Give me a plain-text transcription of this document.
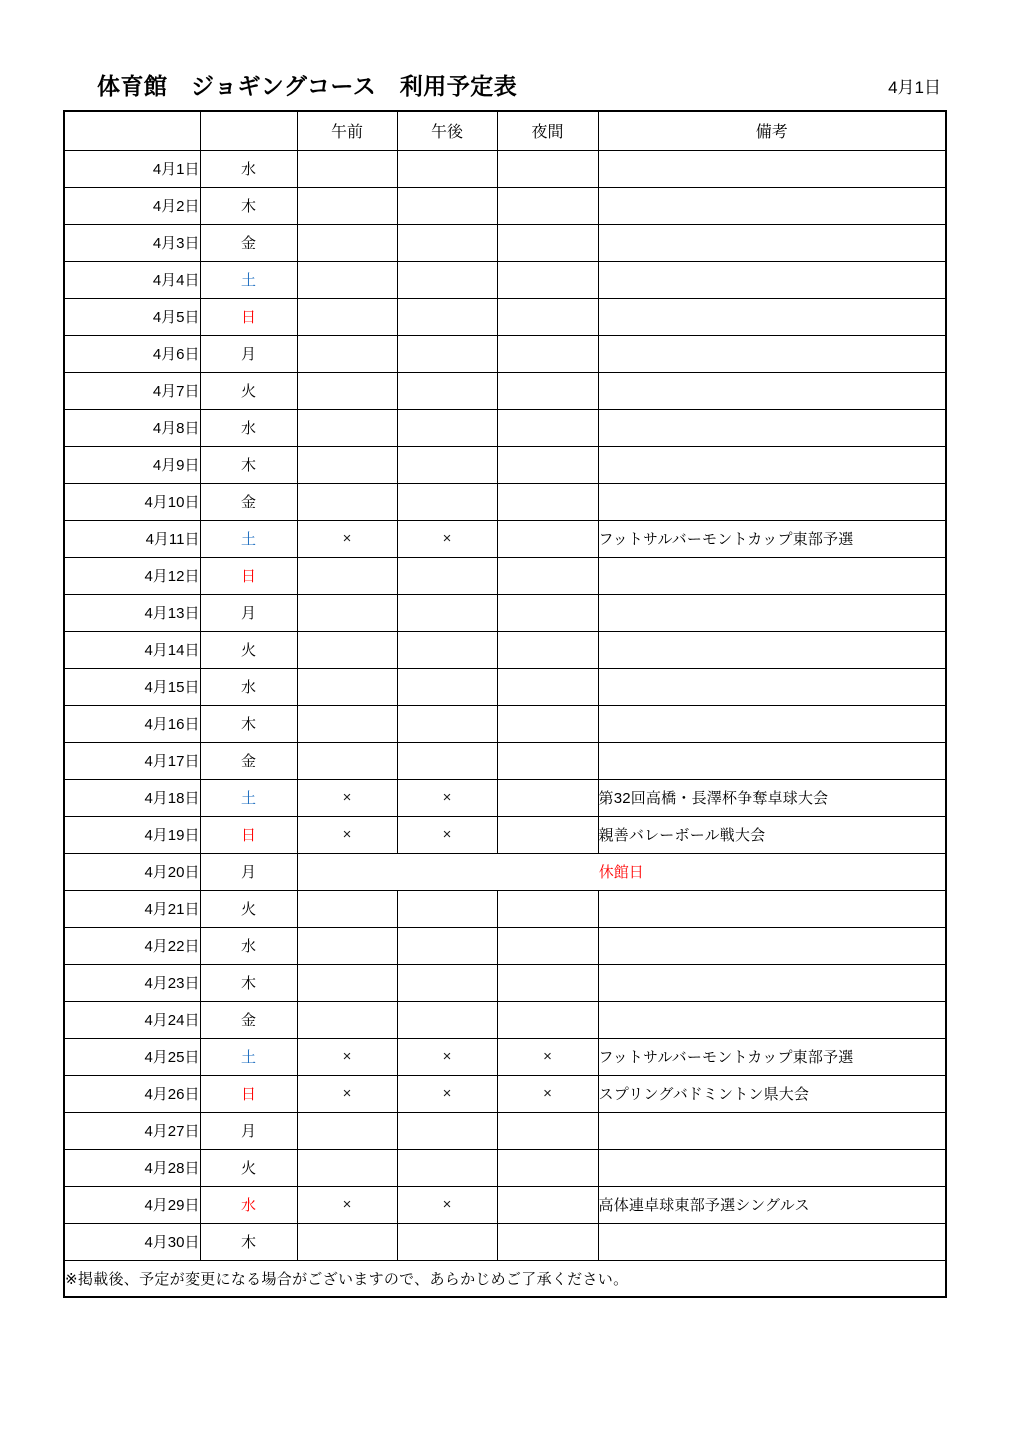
体育館　ジョギングコース　利用予定表	4月1日
		午前	午後	夜間	備考
4月1日	水				
4月2日	木				
4月3日	金				
4月4日	土				
4月5日	日				
4月6日	月				
4月7日	火				
4月8日	水				
4月9日	木				
4月10日	金				
4月11日	土	×	×		フットサルバーモントカップ東部予選
4月12日	日				
4月13日	月				
4月14日	火				
4月15日	水				
4月16日	木				
4月17日	金				
4月18日	土	×	×		第32回高橋・長澤杯争奪卓球大会
4月19日	日	×	×		親善バレーボール戦大会
4月20日	月	休館日			
4月21日	火				
4月22日	水				
4月23日	木				
4月24日	金				
4月25日	土	×	×	×	フットサルバーモントカップ東部予選
4月26日	日	×	×	×	スプリングバドミントン県大会
4月27日	月				
4月28日	火				
4月29日	水	×	×		高体連卓球東部予選シングルス
4月30日	木				
※掲載後、予定が変更になる場合がございますので、あらかじめご了承ください。					
